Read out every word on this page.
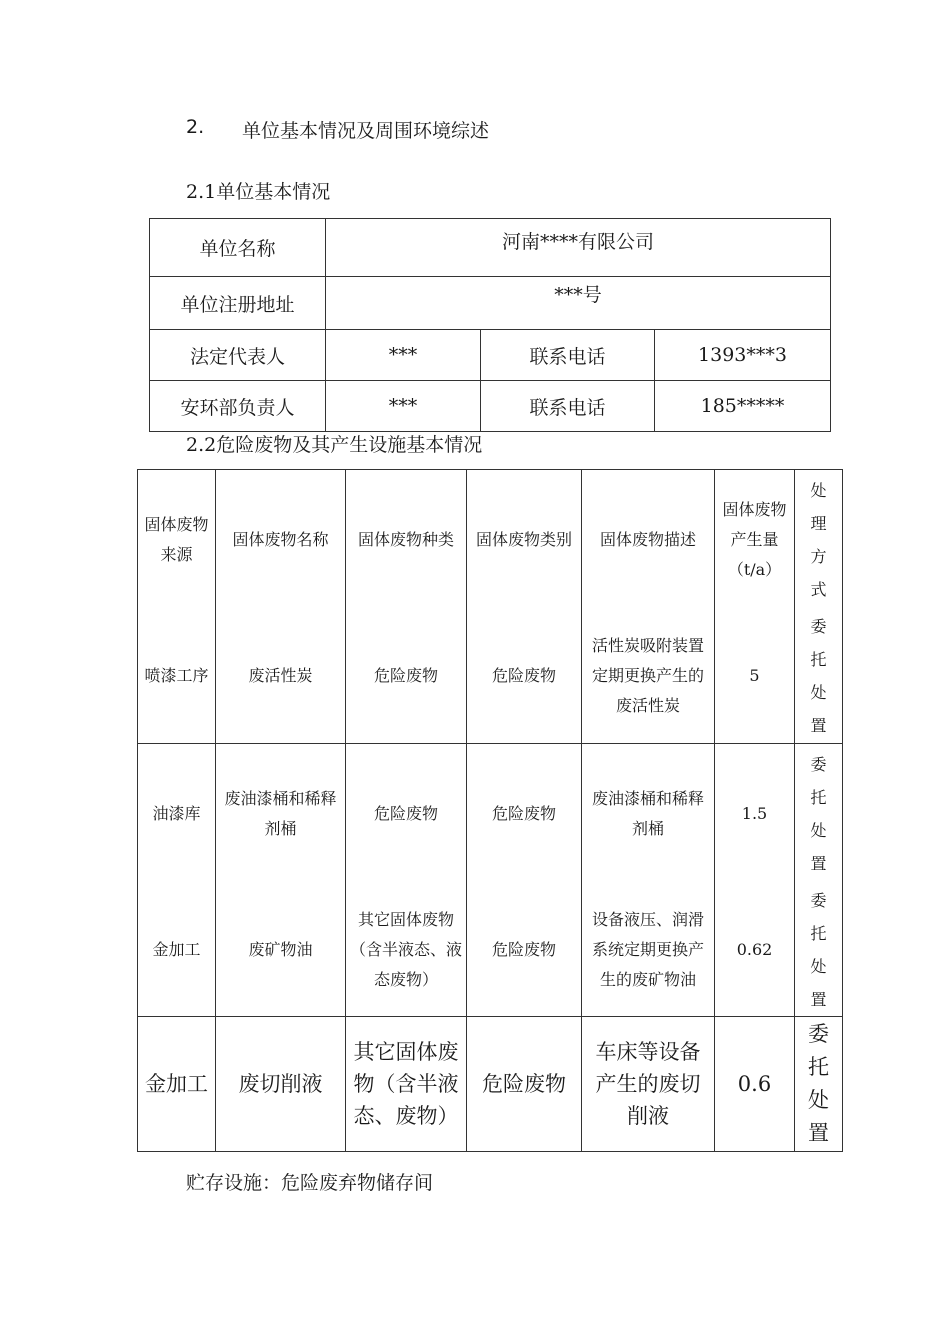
2. 单位基本情况及周围环境综述
2.1单位基本情况
单位名称	河南****有限公司		
单位注册地址	***号		
法定代表人	***	联系电话	1393***3
安环部负责人	***	联系电话	185*****
2.2危险废物及其产生设施基本情况
固体废物来源	固体废物名称	固体废物种类	固体废物类别	固体废物描述	固体废物产生量（t/a）	处理方式

喷漆工序	废活性炭	危险废物	危险废物	活性炭吸附装置定期更换产生的废活性炭	5	委托处置

油漆库	废油漆桶和稀释剂桶	危险废物	危险废物	废油漆桶和稀释剂桶	1.5	委托处置

金加工	废矿物油	其它固体废物（含半液态、液态废物）	危险废物	设备液压、润滑系统定期更换产生的废矿物油	0.62	委托处置

金加工	废切削液	其它固体废物（含半液态、废物）	危险废物	车床等设备产生的废切削液	0.6	委托处置
贮存设施：危险废弃物储存间
